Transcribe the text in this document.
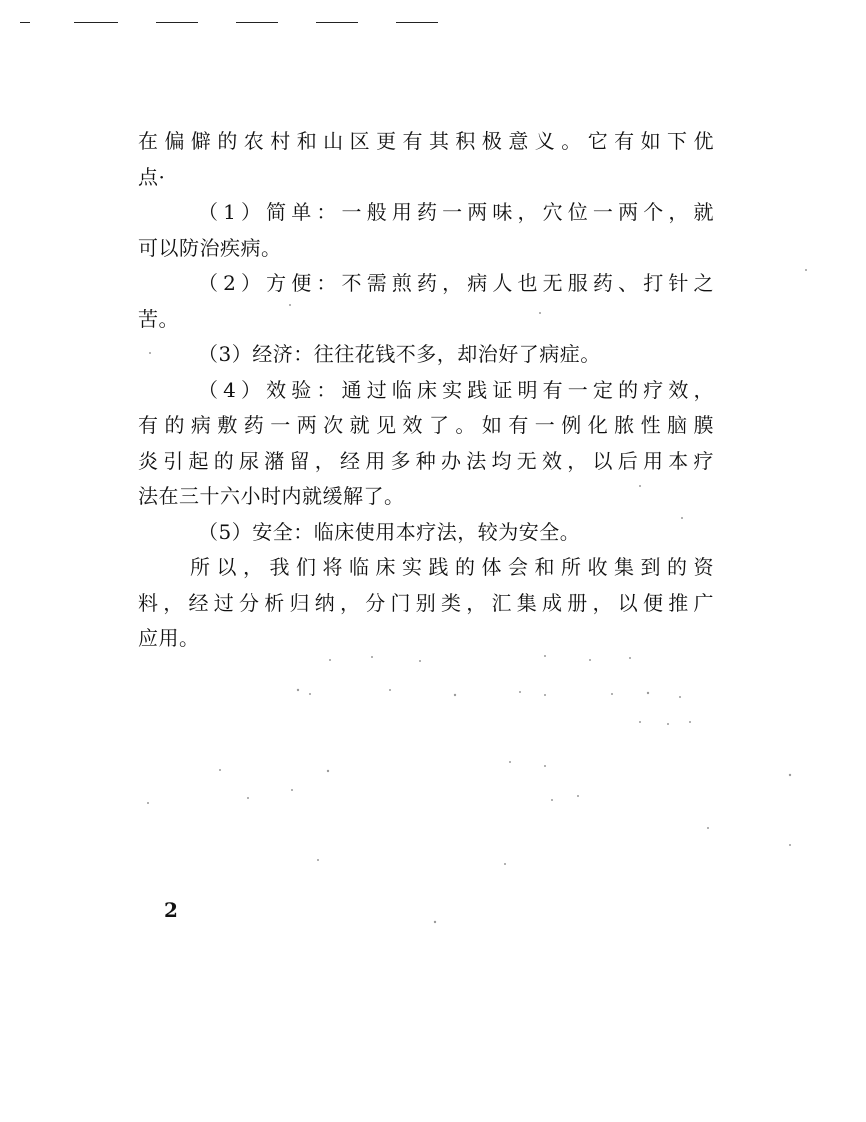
在偏僻的农村和山区更有其积极意义。它有如下优
点·
（1）简单：一般用药一两味，穴位一两个，就
可以防治疾病。
（2）方便：不需煎药，病人也无服药、打针之
苦。
（3）经济：往往花钱不多，却治好了病症。
（4）效验：通过临床实践证明有一定的疗效，
有的病敷药一两次就见效了。如有一例化脓性脑膜
炎引起的尿潴留，经用多种办法均无效，以后用本疗
法在三十六小时内就缓解了。
（5）安全：临床使用本疗法，较为安全。
所以，我们将临床实践的体会和所收集到的资
料，经过分析归纳，分门别类，汇集成册，以便推广
应用。
2
